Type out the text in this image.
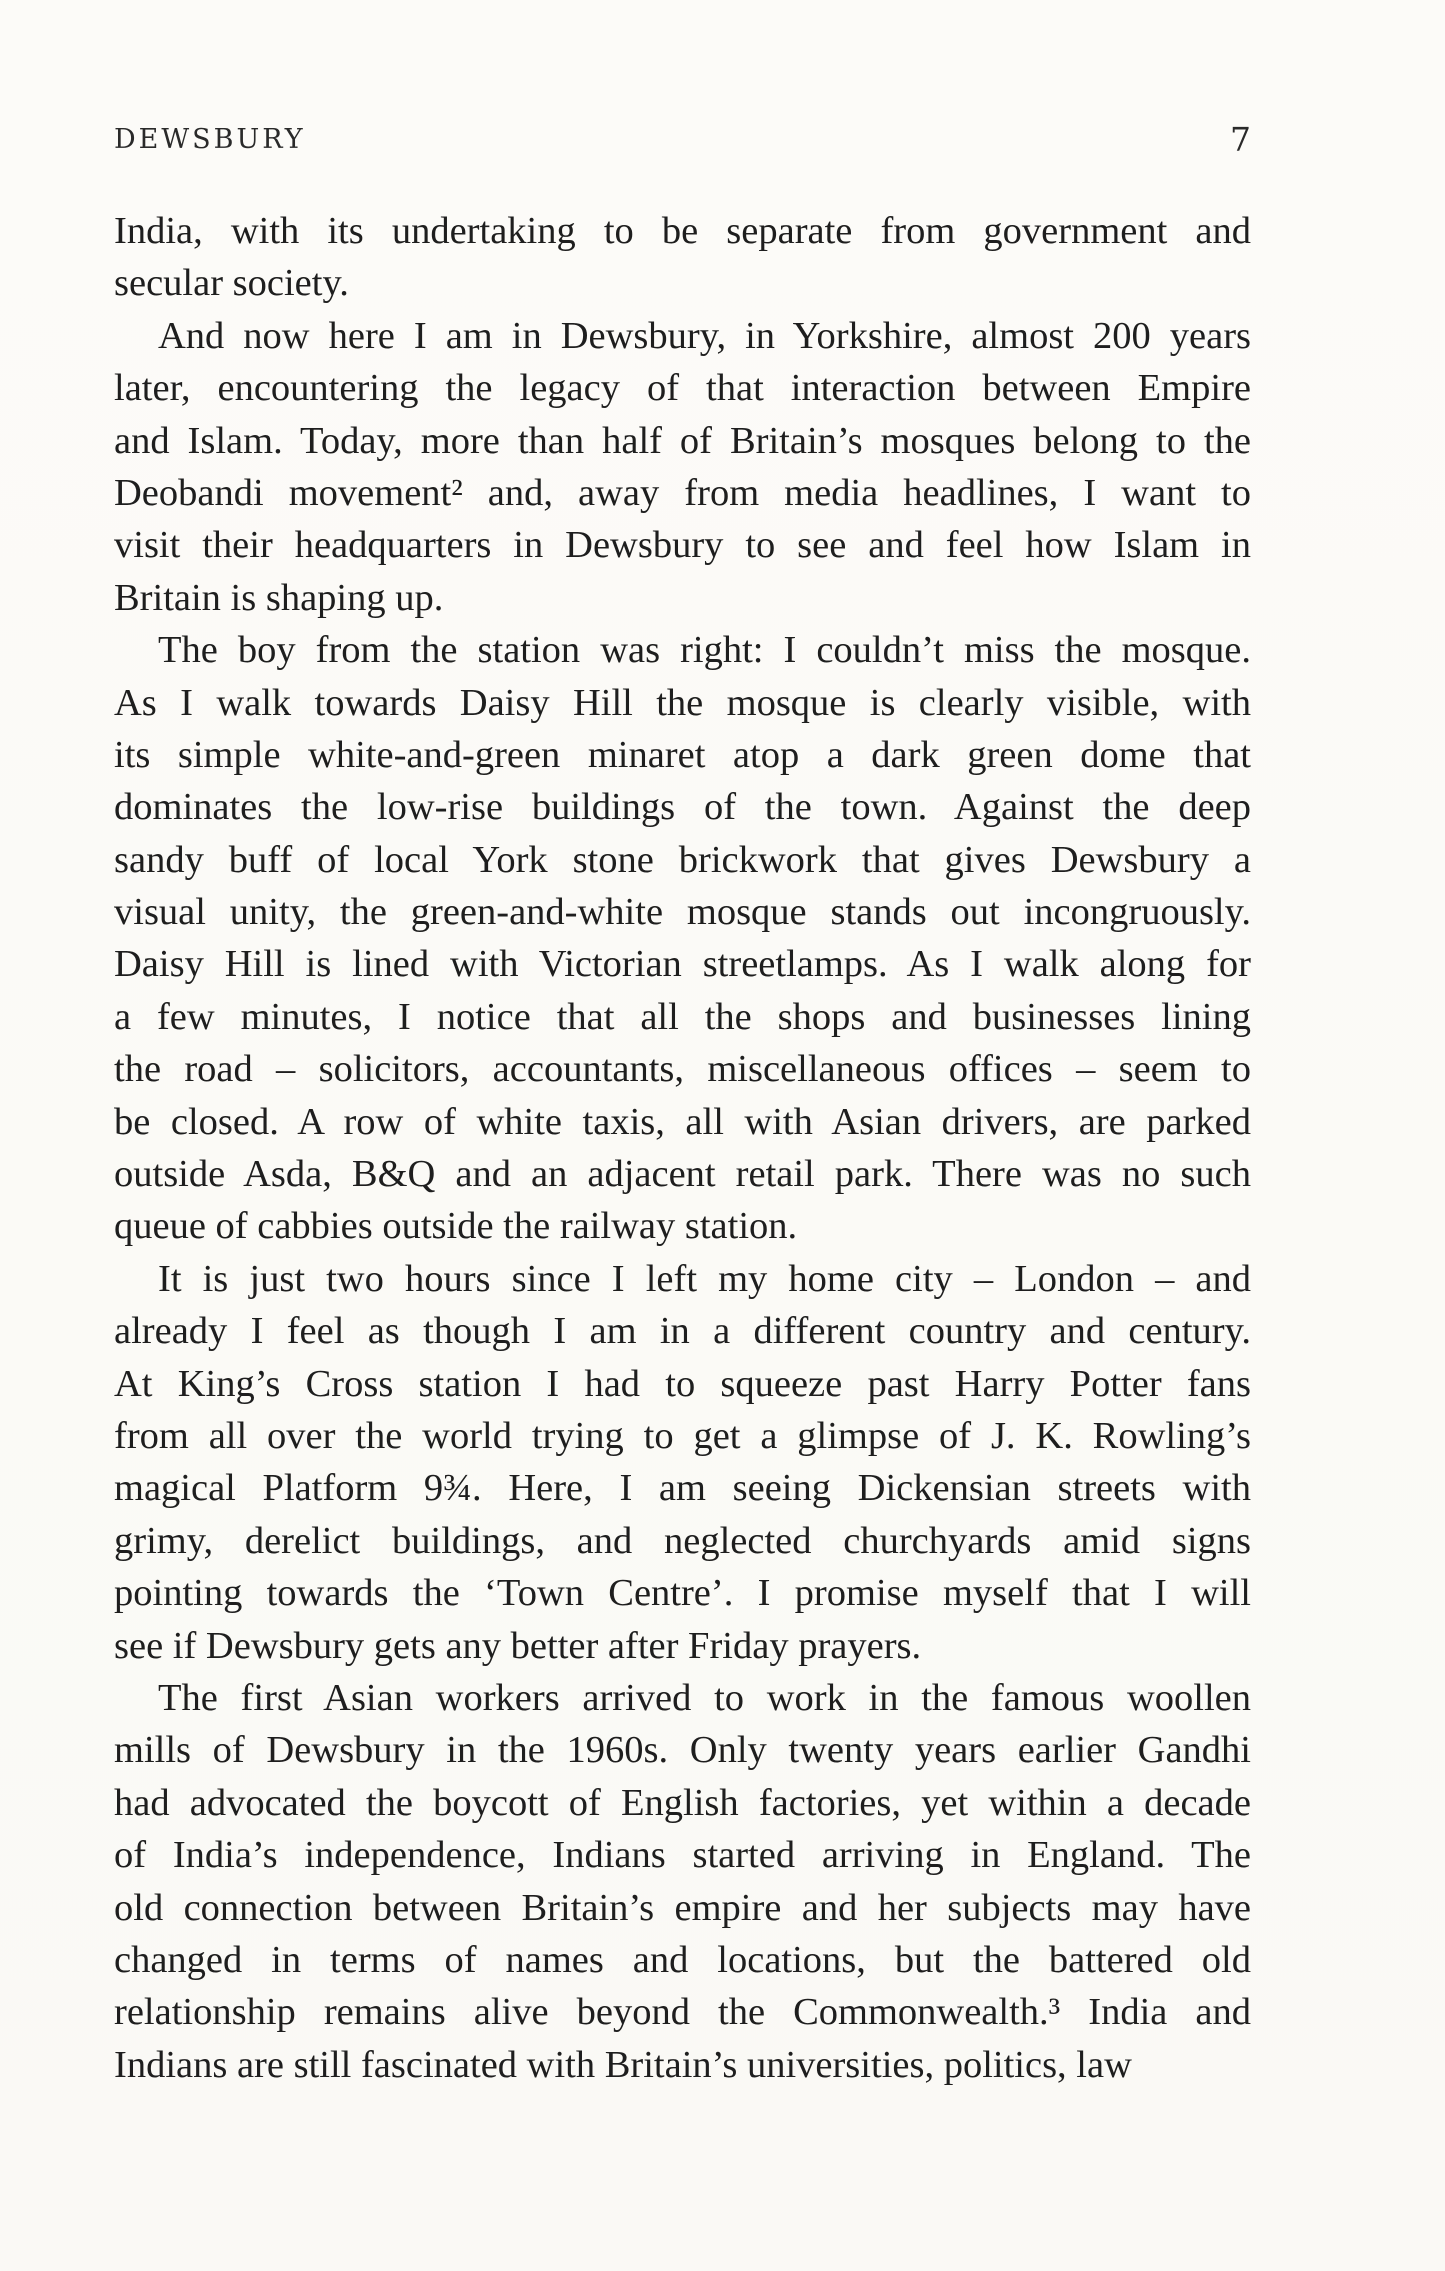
DEWSBURY	7
India, with its undertaking to be separate from government and
secular society.
And now here I am in Dewsbury, in Yorkshire, almost 200 years
later, encountering the legacy of that interaction between Empire
and Islam. Today, more than half of Britain’s mosques belong to the
Deobandi movement² and, away from media headlines, I want to
visit their headquarters in Dewsbury to see and feel how Islam in
Britain is shaping up.
The boy from the station was right: I couldn’t miss the mosque.
As I walk towards Daisy Hill the mosque is clearly visible, with
its simple white-and-green minaret atop a dark green dome that
dominates the low-rise buildings of the town. Against the deep
sandy buff of local York stone brickwork that gives Dewsbury a
visual unity, the green-and-white mosque stands out incongruously.
Daisy Hill is lined with Victorian streetlamps. As I walk along for
a few minutes, I notice that all the shops and businesses lining
the road – solicitors, accountants, miscellaneous offices – seem to
be closed. A row of white taxis, all with Asian drivers, are parked
outside Asda, B&Q and an adjacent retail park. There was no such
queue of cabbies outside the railway station.
It is just two hours since I left my home city – London – and
already I feel as though I am in a different country and century.
At King’s Cross station I had to squeeze past Harry Potter fans
from all over the world trying to get a glimpse of J. K. Rowling’s
magical Platform 9¾. Here, I am seeing Dickensian streets with
grimy, derelict buildings, and neglected churchyards amid signs
pointing towards the ‘Town Centre’. I promise myself that I will
see if Dewsbury gets any better after Friday prayers.
The first Asian workers arrived to work in the famous woollen
mills of Dewsbury in the 1960s. Only twenty years earlier Gandhi
had advocated the boycott of English factories, yet within a decade
of India’s independence, Indians started arriving in England. The
old connection between Britain’s empire and her subjects may have
changed in terms of names and locations, but the battered old
relationship remains alive beyond the Commonwealth.³ India and
Indians are still fascinated with Britain’s universities, politics, law
